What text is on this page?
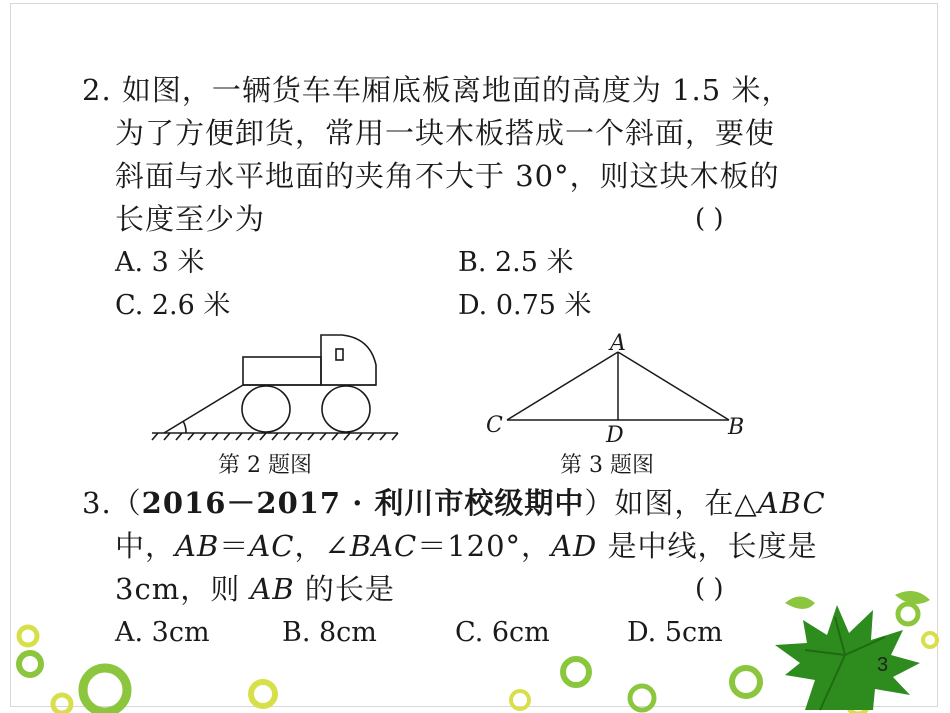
2. 如图，一辆货车车厢底板离地面的高度为 1.5 米，
为了方便卸货，常用一块木板搭成一个斜面，要使
斜面与水平地面的夹角不大于 30°，则这块木板的
长度至少为	( )
A. 3 米	B. 2.5 米
C. 2.6 米	D. 0.75 米
第 2 题图
A
C	D	B
第 3 题图
3.（2016－2017 · 利川市校级期中）如图，在△ABC
中，AB＝AC，∠BAC＝120°，AD 是中线，长度是
3cm，则 AB 的长是	( )
A. 3cm	B. 8cm	C. 6cm	D. 5cm
3
